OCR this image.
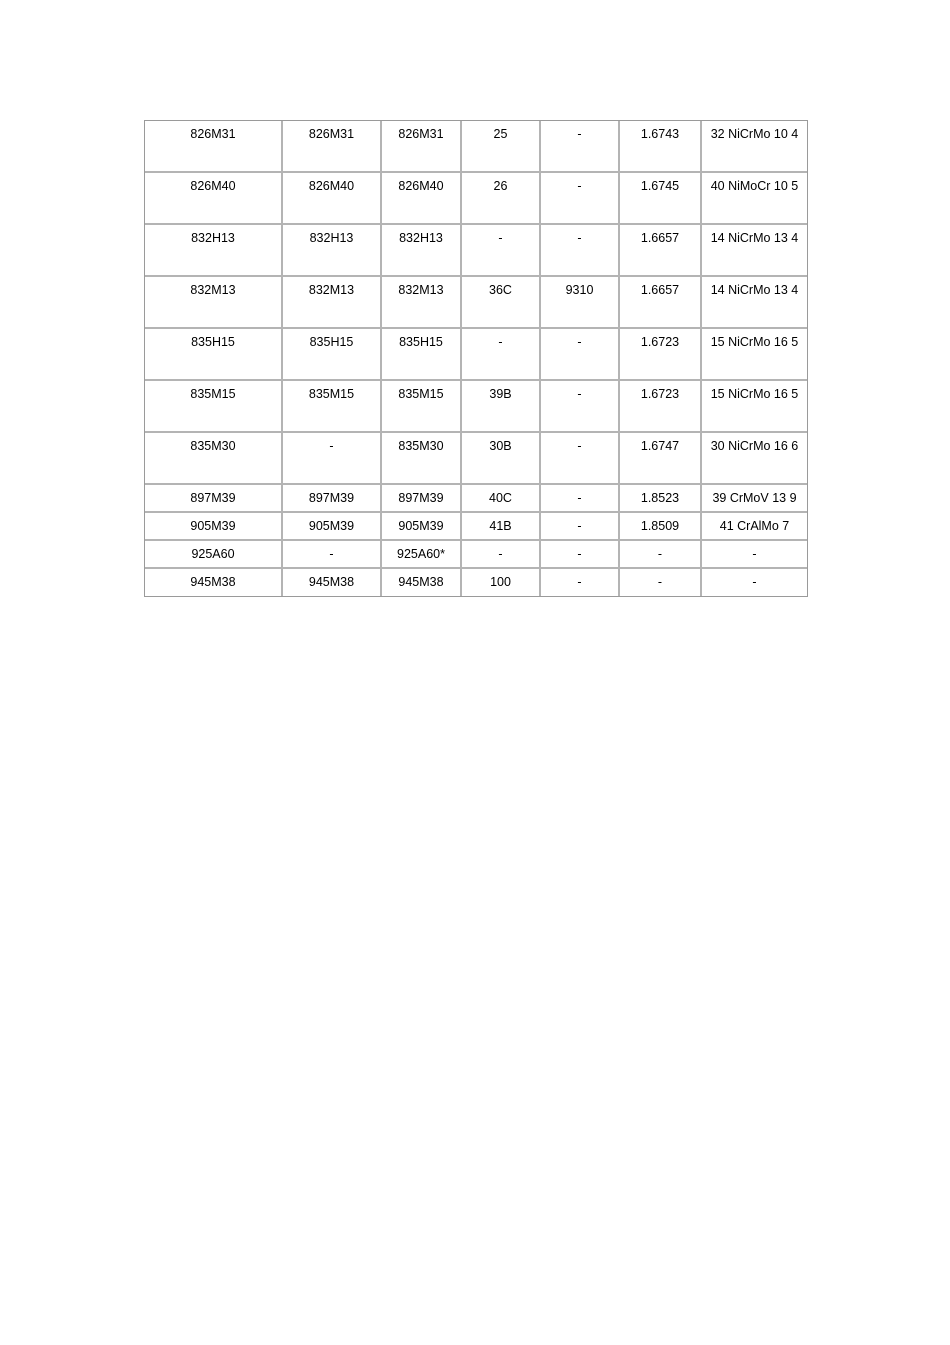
826M31	826M31	826M31	25	-	1.6743	32 NiCrMo 10 4
826M40	826M40	826M40	26	-	1.6745	40 NiMoCr 10 5
832H13	832H13	832H13	-	-	1.6657	14 NiCrMo 13 4
832M13	832M13	832M13	36C	9310	1.6657	14 NiCrMo 13 4
835H15	835H15	835H15	-	-	1.6723	15 NiCrMo 16 5
835M15	835M15	835M15	39B	-	1.6723	15 NiCrMo 16 5
835M30	-	835M30	30B	-	1.6747	30 NiCrMo 16 6
897M39	897M39	897M39	40C	-	1.8523	39 CrMoV 13 9
905M39	905M39	905M39	41B	-	1.8509	41 CrAlMo 7
925A60	-	925A60*	-	-	-	-
945M38	945M38	945M38	100	-	-	-
